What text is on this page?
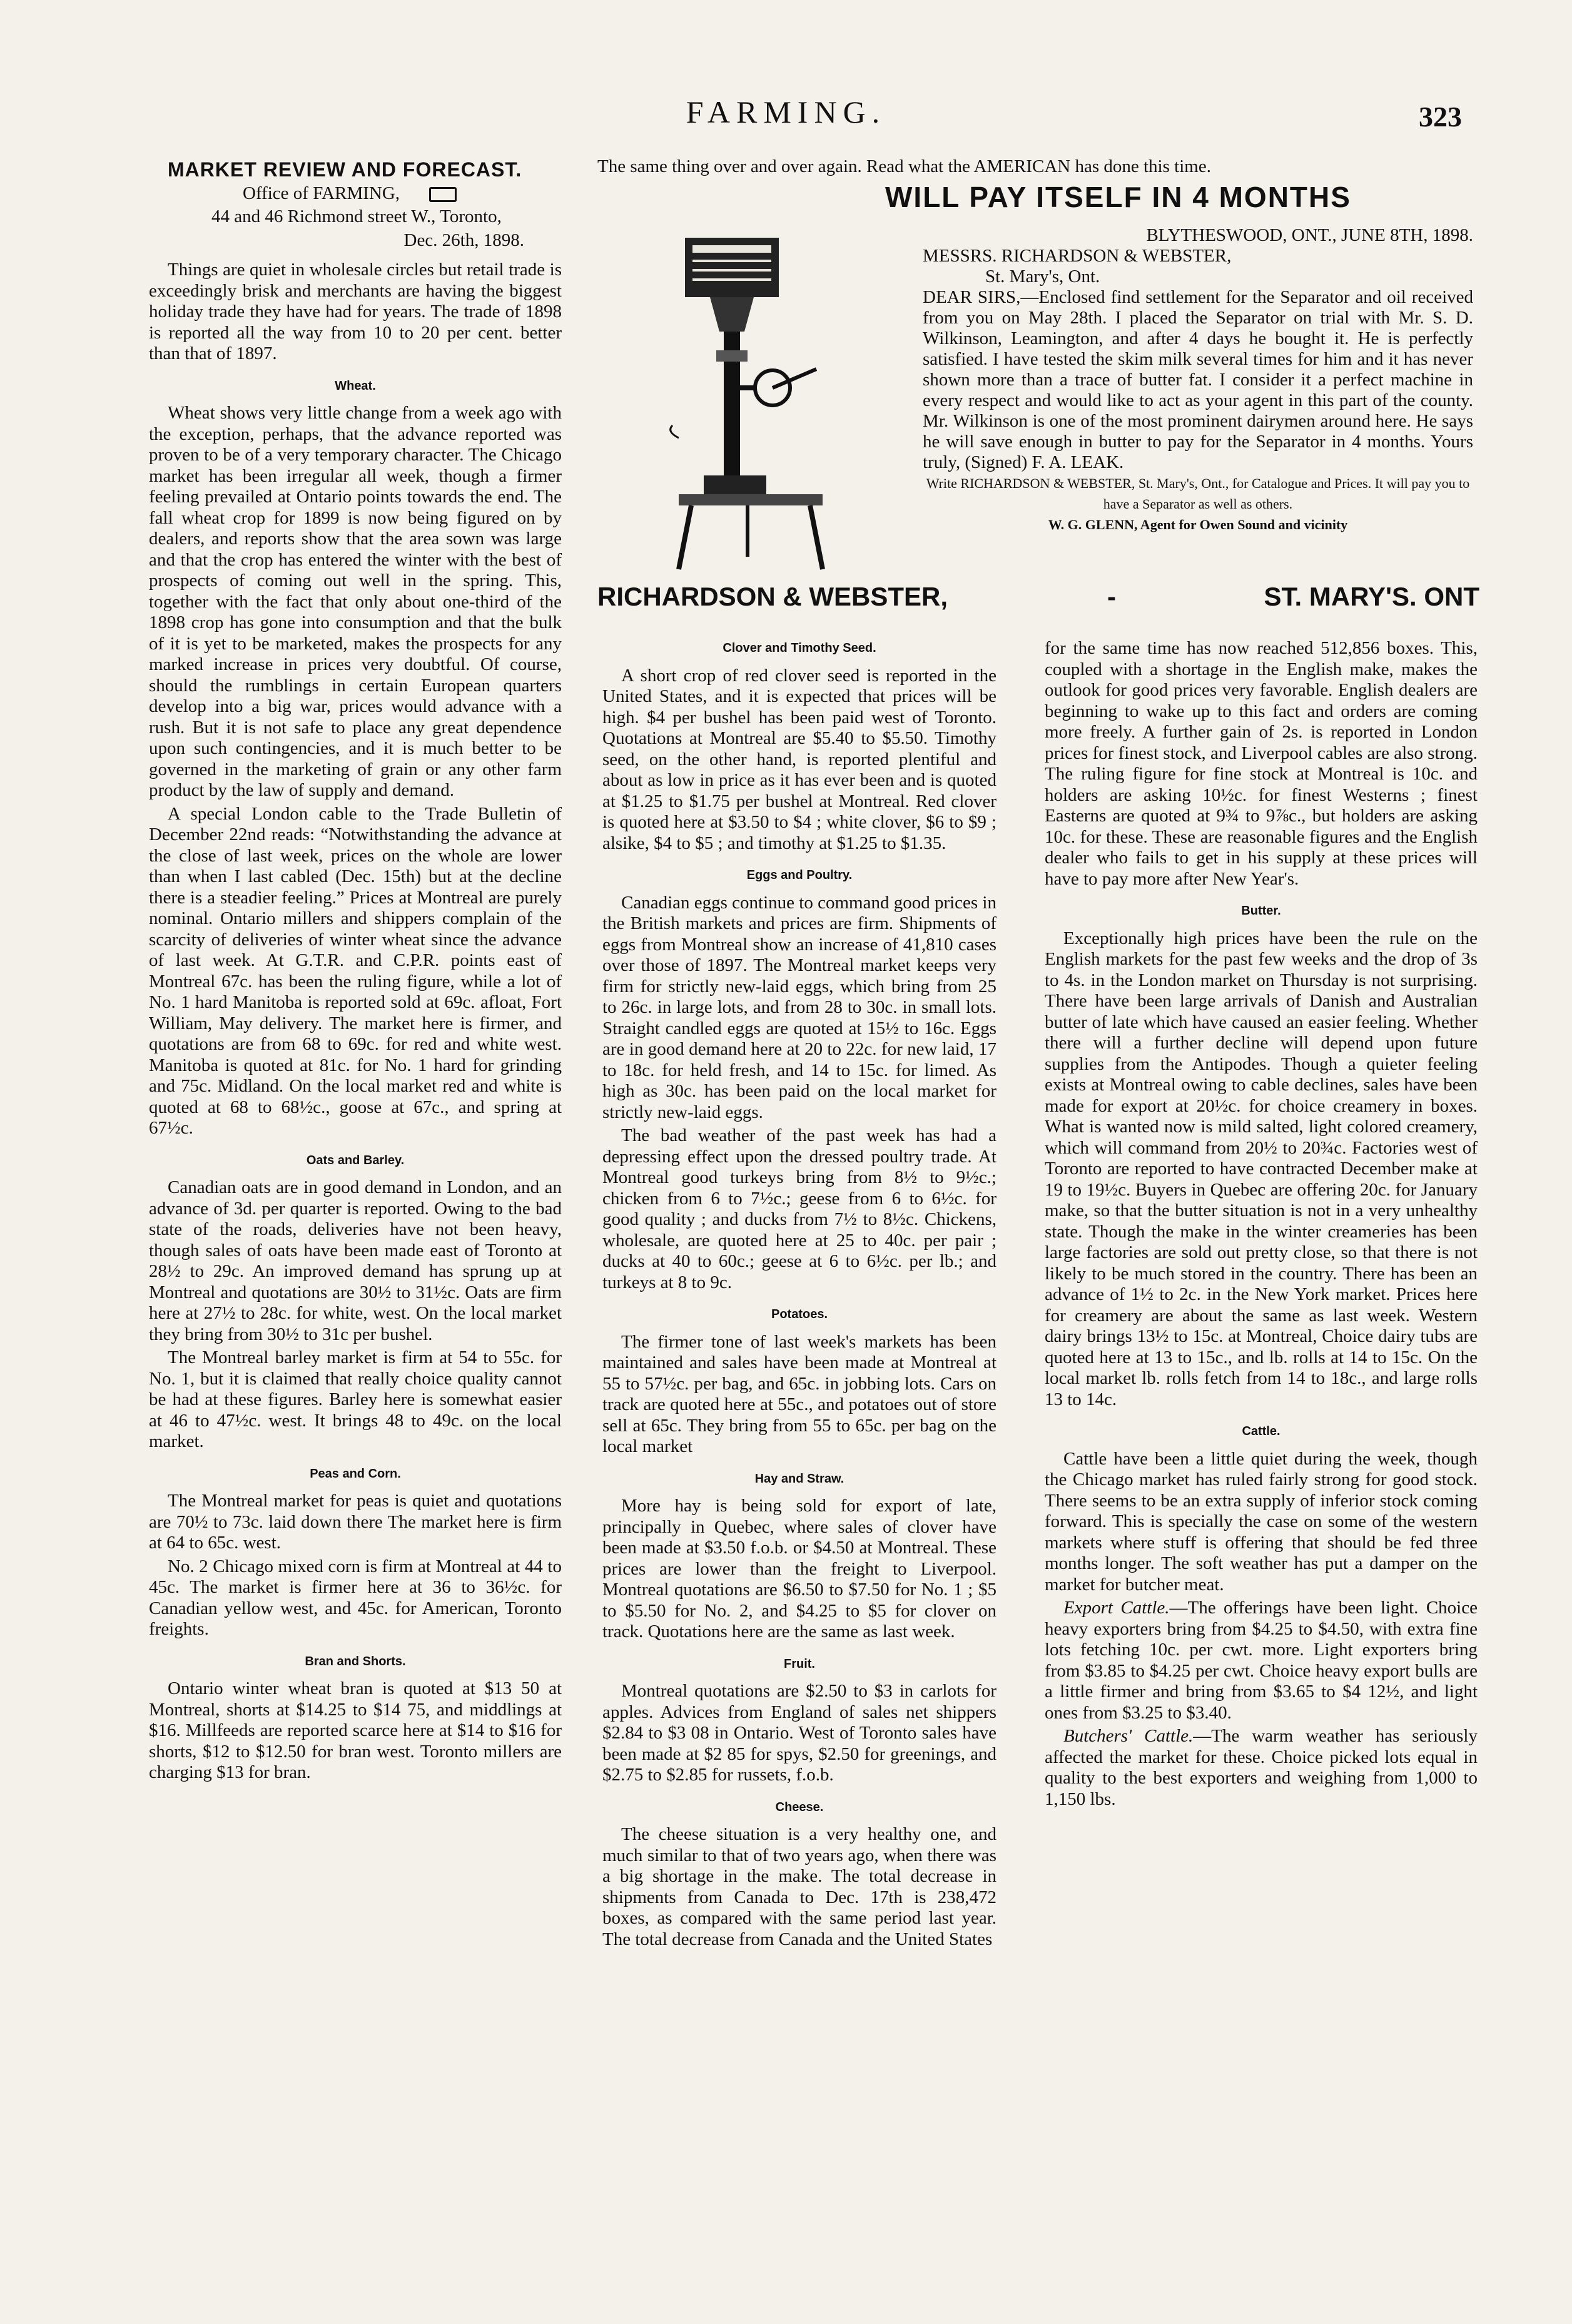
FARMING.	323

MARKET REVIEW AND FORECAST.

Office of FARMING,

44 and 46 Richmond street W., Toronto,

Dec. 26th, 1898.

Things are quiet in wholesale circles but retail trade is exceedingly brisk and merchants are having the biggest holiday trade they have had for years. The trade of 1898 is reported all the way from 10 to 20 per cent. better than that of 1897.

Wheat.

Wheat shows very little change from a week ago with the exception, perhaps, that the advance reported was proven to be of a very temporary character. The Chicago market has been irregular all week, though a firmer feeling prevailed at Ontario points towards the end. The fall wheat crop for 1899 is now being figured on by dealers, and reports show that the area sown was large and that the crop has entered the winter with the best of prospects of coming out well in the spring. This, together with the fact that only about one-third of the 1898 crop has gone into consumption and that the bulk of it is yet to be marketed, makes the prospects for any marked increase in prices very doubtful. Of course, should the rumblings in certain European quarters develop into a big war, prices would advance with a rush. But it is not safe to place any great dependence upon such contingencies, and it is much better to be governed in the marketing of grain or any other farm product by the law of supply and demand.

A special London cable to the Trade Bulletin of December 22nd reads: “Notwithstanding the advance at the close of last week, prices on the whole are lower than when I last cabled (Dec. 15th) but at the decline there is a steadier feeling.” Prices at Montreal are purely nominal. Ontario millers and shippers complain of the scarcity of deliveries of winter wheat since the advance of last week. At G.T.R. and C.P.R. points east of Montreal 67c. has been the ruling figure, while a lot of No. 1 hard Manitoba is reported sold at 69c. afloat, Fort William, May delivery. The market here is firmer, and quotations are from 68 to 69c. for red and white west. Manitoba is quoted at 81c. for No. 1 hard for grinding and 75c. Midland. On the local market red and white is quoted at 68 to 68½c., goose at 67c., and spring at 67½c.

Oats and Barley.

Canadian oats are in good demand in London, and an advance of 3d. per quarter is reported. Owing to the bad state of the roads, deliveries have not been heavy, though sales of oats have been made east of Toronto at 28½ to 29c. An improved demand has sprung up at Montreal and quotations are 30½ to 31½c. Oats are firm here at 27½ to 28c. for white, west. On the local market they bring from 30½ to 31c per bushel.

The Montreal barley market is firm at 54 to 55c. for No. 1, but it is claimed that really choice quality cannot be had at these figures. Barley here is somewhat easier at 46 to 47½c. west. It brings 48 to 49c. on the local market.

Peas and Corn.

The Montreal market for peas is quiet and quotations are 70½ to 73c. laid down there The market here is firm at 64 to 65c. west.

No. 2 Chicago mixed corn is firm at Montreal at 44 to 45c. The market is firmer here at 36 to 36½c. for Canadian yellow west, and 45c. for American, Toronto freights.

Bran and Shorts.

Ontario winter wheat bran is quoted at $13 50 at Montreal, shorts at $14.25 to $14 75, and middlings at $16. Millfeeds are reported scarce here at $14 to $16 for shorts, $12 to $12.50 for bran west. Toronto millers are charging $13 for bran.

The same thing over and over again. Read what the AMERICAN has done this time.
WILL PAY ITSELF IN 4 MONTHS

BLYTHESWOOD, ONT., JUNE 8TH, 1898.

MESSRS. RICHARDSON & WEBSTER,

St. Mary's, Ont.

DEAR SIRS,—Enclosed find settlement for the Separator and oil received from you on May 28th. I placed the Separator on trial with Mr. S. D. Wilkinson, Leamington, and after 4 days he bought it. He is perfectly satisfied. I have tested the skim milk several times for him and it has never shown more than a trace of butter fat. I consider it a perfect machine in every respect and would like to act as your agent in this part of the county. Mr. Wilkinson is one of the most prominent dairymen around here. He says he will save enough in butter to pay for the Separator in 4 months. Yours truly, (Signed) F. A. LEAK.

Write RICHARDSON & WEBSTER, St. Mary's, Ont., for Catalogue and Prices. It will pay you to have a Separator as well as others.

W. G. GLENN, Agent for Owen Sound and vicinity

RICHARDSON & WEBSTER,	-	ST. MARY'S. ONT
Clover and Timothy Seed.

A short crop of red clover seed is reported in the United States, and it is expected that prices will be high. $4 per bushel has been paid west of Toronto. Quotations at Montreal are $5.40 to $5.50. Timothy seed, on the other hand, is reported plentiful and about as low in price as it has ever been and is quoted at $1.25 to $1.75 per bushel at Montreal. Red clover is quoted here at $3.50 to $4 ; white clover, $6 to $9 ; alsike, $4 to $5 ; and timothy at $1.25 to $1.35.

Eggs and Poultry.

Canadian eggs continue to command good prices in the British markets and prices are firm. Shipments of eggs from Montreal show an increase of 41,810 cases over those of 1897. The Montreal market keeps very firm for strictly new-laid eggs, which bring from 25 to 26c. in large lots, and from 28 to 30c. in small lots. Straight candled eggs are quoted at 15½ to 16c. Eggs are in good demand here at 20 to 22c. for new laid, 17 to 18c. for held fresh, and 14 to 15c. for limed. As high as 30c. has been paid on the local market for strictly new-laid eggs.

The bad weather of the past week has had a depressing effect upon the dressed poultry trade. At Montreal good turkeys bring from 8½ to 9½c.; chicken from 6 to 7½c.; geese from 6 to 6½c. for good quality ; and ducks from 7½ to 8½c. Chickens, wholesale, are quoted here at 25 to 40c. per pair ; ducks at 40 to 60c.; geese at 6 to 6½c. per lb.; and turkeys at 8 to 9c.

Potatoes.

The firmer tone of last week's markets has been maintained and sales have been made at Montreal at 55 to 57½c. per bag, and 65c. in jobbing lots. Cars on track are quoted here at 55c., and potatoes out of store sell at 65c. They bring from 55 to 65c. per bag on the local market

Hay and Straw.

More hay is being sold for export of late, principally in Quebec, where sales of clover have been made at $3.50 f.o.b. or $4.50 at Montreal. These prices are lower than the freight to Liverpool. Montreal quotations are $6.50 to $7.50 for No. 1 ; $5 to $5.50 for No. 2, and $4.25 to $5 for clover on track. Quotations here are the same as last week.

Fruit.

Montreal quotations are $2.50 to $3 in carlots for apples. Advices from England of sales net shippers $2.84 to $3 08 in Ontario. West of Toronto sales have been made at $2 85 for spys, $2.50 for greenings, and $2.75 to $2.85 for russets, f.o.b.

Cheese.

The cheese situation is a very healthy one, and much similar to that of two years ago, when there was a big shortage in the make. The total decrease in shipments from Canada to Dec. 17th is 238,472 boxes, as compared with the same period last year. The total decrease from Canada and the United States

for the same time has now reached 512,856 boxes. This, coupled with a shortage in the English make, makes the outlook for good prices very favorable. English dealers are beginning to wake up to this fact and orders are coming more freely. A further gain of 2s. is reported in London prices for finest stock, and Liverpool cables are also strong. The ruling figure for fine stock at Montreal is 10c. and holders are asking 10½c. for finest Westerns ; finest Easterns are quoted at 9¾ to 9⅞c., but holders are asking 10c. for these. These are reasonable figures and the English dealer who fails to get in his supply at these prices will have to pay more after New Year's.

Butter.

Exceptionally high prices have been the rule on the English markets for the past few weeks and the drop of 3s to 4s. in the London market on Thursday is not surprising. There have been large arrivals of Danish and Australian butter of late which have caused an easier feeling. Whether there will a further decline will depend upon future supplies from the Antipodes. Though a quieter feeling exists at Montreal owing to cable declines, sales have been made for export at 20½c. for choice creamery in boxes. What is wanted now is mild salted, light colored creamery, which will command from 20½ to 20¾c. Factories west of Toronto are reported to have contracted December make at 19 to 19½c. Buyers in Quebec are offering 20c. for January make, so that the butter situation is not in a very unhealthy state. Though the make in the winter creameries has been large factories are sold out pretty close, so that there is not likely to be much stored in the country. There has been an advance of 1½ to 2c. in the New York market. Prices here for creamery are about the same as last week. Western dairy brings 13½ to 15c. at Montreal, Choice dairy tubs are quoted here at 13 to 15c., and lb. rolls at 14 to 15c. On the local market lb. rolls fetch from 14 to 18c., and large rolls 13 to 14c.

Cattle.

Cattle have been a little quiet during the week, though the Chicago market has ruled fairly strong for good stock. There seems to be an extra supply of inferior stock coming forward. This is specially the case on some of the western markets where stuff is offering that should be fed three months longer. The soft weather has put a damper on the market for butcher meat.

Export Cattle.—The offerings have been light. Choice heavy exporters bring from $4.25 to $4.50, with extra fine lots fetching 10c. per cwt. more. Light exporters bring from $3.85 to $4.25 per cwt. Choice heavy export bulls are a little firmer and bring from $3.65 to $4 12½, and light ones from $3.25 to $3.40.

Butchers' Cattle.—The warm weather has seriously affected the market for these. Choice picked lots equal in quality to the best exporters and weighing from 1,000 to 1,150 lbs.
